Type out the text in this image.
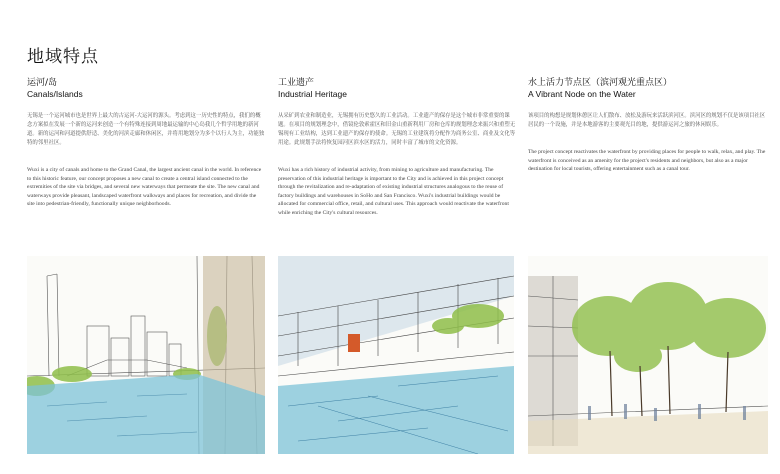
地域特点
运河/岛
Canals/Islands

无锡是一个运河城市也是世界上最大的古运河-大运河的源头。考虑到这一历史性的特点，我们的概念方案拟在发展一个新的运河来创造一个有特殊连接到周地最运输的中心岛我几个哲学用地的新河道。新的运河和河道提供舒适、美化的河滨走廊和休闲区，并将用地划分为多个以行人为主，功能独特的邻里社区。

Wuxi is a city of canals and home to the Grand Canal, the largest ancient canal in the world. In reference to this historic feature, our concept proposes a new canal to create a central island connected to the extremities of the site via bridges, and several new waterways that permeate the site. The new canal and waterways provide pleasant, landscaped waterfront walkways and places for recreation, and divide the site into pedestrian-friendly, functionally unique neighborhoods.

工业遗产
Industrial Heritage

从采矿到农业和制造业，无锡拥有历史悠久的工业活动。工业遗产的保存是这个城市非常重要的课题。在项目的规划理念中，借镜伦敦索霍区和旧金山重新利用厂房和仓库的规划理念来振兴和重塑无锡现有工业结构，达到工业遗产的保存的使命。无锡的工业建筑将分配作为商务公室、商业及文化等用途。此规划手法将恢复园河区滨水区的活力，同时丰富了城市的文化资源。

Wuxi has a rich history of industrial activity, from mining to agriculture and manufacturing. The preservation of this industrial heritage is important to the City and is achieved in this project concept through the revitalization and re-adaptation of existing industrial structures analogous to the reuse of factory buildings and warehouses in SoHo and San Francisco. Wuxi's industrial buildings would be allocated for commercial office, retail, and cultural uses. This approach would reactivate the waterfront while enriching the City's cultural resources.

水上活力节点区（滨河观光重点区）
A Vibrant Node on the Water

该项目的构想是规划休憩区让人们散布、放松及游玩来活跃滨河区。滨河区的规划不仅是该项目社区居民的一个设施，并是本地游客的主要观光目的地，提供游运河之旅的休闲娱乐。

The project concept reactivates the waterfront by providing places for people to walk, relax, and play. The waterfront is conceived as an amenity for the project's residents and neighbors, but also as a major destination for local tourists, offering entertainment such as a canal tour.
